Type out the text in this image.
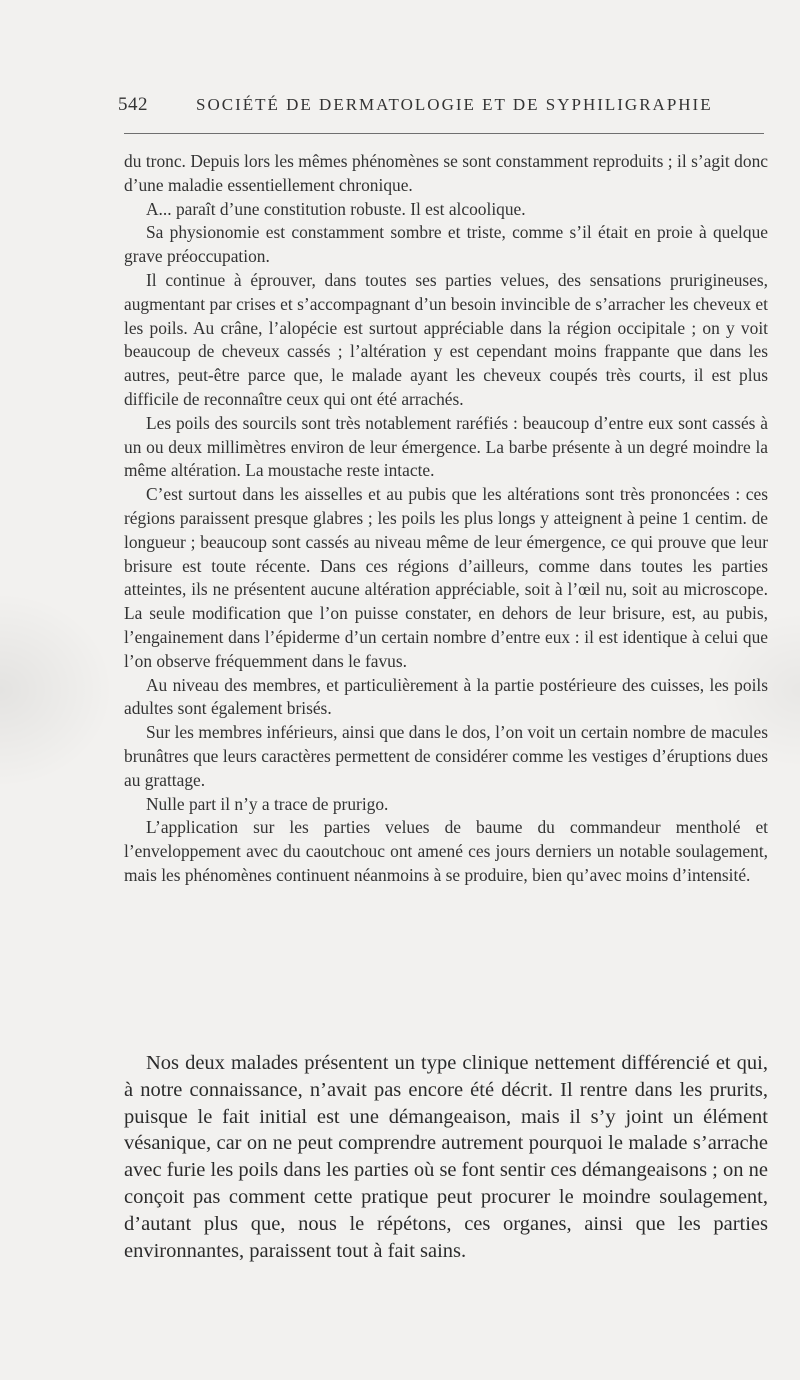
542	SOCIÉTÉ DE DERMATOLOGIE ET DE SYPHILIGRAPHIE

du tronc. Depuis lors les mêmes phénomènes se sont constamment reproduits ; il s’agit donc d’une maladie essentiellement chronique.

A... paraît d’une constitution robuste. Il est alcoolique.

Sa physionomie est constamment sombre et triste, comme s’il était en proie à quelque grave préoccupation.

Il continue à éprouver, dans toutes ses parties velues, des sensations prurigineuses, augmentant par crises et s’accompagnant d’un besoin invincible de s’arracher les cheveux et les poils. Au crâne, l’alopécie est surtout appréciable dans la région occipitale ; on y voit beaucoup de cheveux cassés ; l’altération y est cependant moins frappante que dans les autres, peut-être parce que, le malade ayant les cheveux coupés très courts, il est plus difficile de reconnaître ceux qui ont été arrachés.

Les poils des sourcils sont très notablement raréfiés : beaucoup d’entre eux sont cassés à un ou deux millimètres environ de leur émergence. La barbe présente à un degré moindre la même altération. La moustache reste intacte.

C’est surtout dans les aisselles et au pubis que les altérations sont très prononcées : ces régions paraissent presque glabres ; les poils les plus longs y atteignent à peine 1 centim. de longueur ; beaucoup sont cassés au niveau même de leur émergence, ce qui prouve que leur brisure est toute récente. Dans ces régions d’ailleurs, comme dans toutes les parties atteintes, ils ne présentent aucune altération appréciable, soit à l’œil nu, soit au microscope. La seule modification que l’on puisse constater, en dehors de leur brisure, est, au pubis, l’engainement dans l’épiderme d’un certain nombre d’entre eux : il est identique à celui que l’on observe fréquemment dans le favus.

Au niveau des membres, et particulièrement à la partie postérieure des cuisses, les poils adultes sont également brisés.

Sur les membres inférieurs, ainsi que dans le dos, l’on voit un certain nombre de macules brunâtres que leurs caractères permettent de considérer comme les vestiges d’éruptions dues au grattage.

Nulle part il n’y a trace de prurigo.

L’application sur les parties velues de baume du commandeur mentholé et l’enveloppement avec du caoutchouc ont amené ces jours derniers un notable soulagement, mais les phénomènes continuent néanmoins à se produire, bien qu’avec moins d’intensité.

Nos deux malades présentent un type clinique nettement différencié et qui, à notre connaissance, n’avait pas encore été décrit. Il rentre dans les prurits, puisque le fait initial est une démangeaison, mais il s’y joint un élément vésanique, car on ne peut comprendre autrement pourquoi le malade s’arrache avec furie les poils dans les parties où se font sentir ces démangeaisons ; on ne conçoit pas comment cette pratique peut procurer le moindre soulagement, d’autant plus que, nous le répétons, ces organes, ainsi que les parties environnantes, paraissent tout à fait sains.
